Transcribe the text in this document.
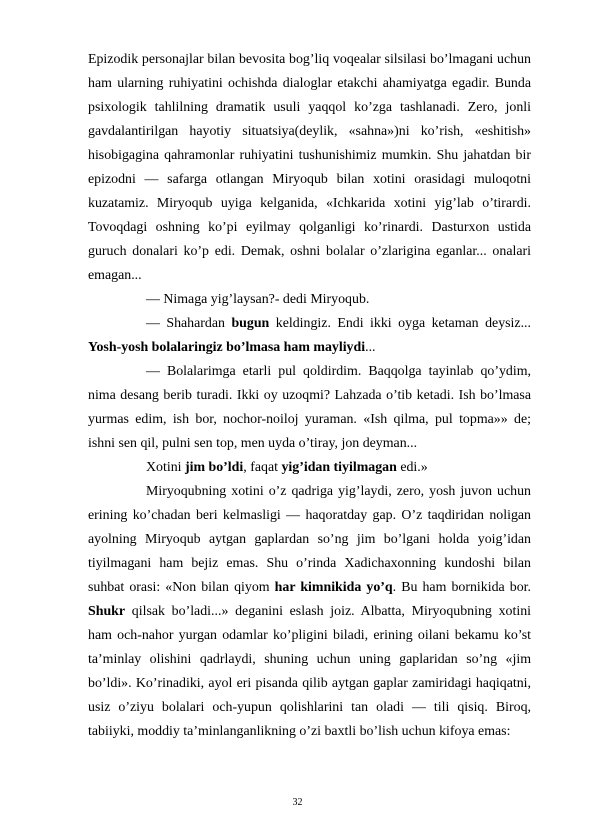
Epizodik personajlar bilan bevosita bog’liq voqealar silsilasi bo’lmagani uchun ham ularning ruhiyatini ochishda dialoglar etakchi ahamiyatga egadir. Bunda psixologik tahlilning dramatik usuli yaqqol ko’zga tashlanadi. Zero, jonli gavdalantirilgan hayotiy situatsiya(deylik, «sahna»)ni ko’rish, «eshitish» hisobigagina qahramonlar ruhiyatini tushunishimiz mumkin. Shu jahatdan bir epizodni — safarga otlangan Miryoqub bilan xotini orasidagi muloqotni kuzatamiz. Miryoqub uyiga kelganida, «Ichkarida xotini yig’lab o’tirardi. Tovoqdagi oshning ko’pi eyilmay qolganligi ko’rinardi. Dasturxon ustida guruch donalari ko’p edi. Demak, oshni bolalar o’zlarigina eganlar... onalari emagan...

— Nimaga yig’laysan?- dedi Miryoqub.

— Shahardan bugun keldingiz. Endi ikki oyga ketaman deysiz... Yosh-yosh bolalaringiz bo’lmasa ham mayliydi...

— Bolalarimga etarli pul qoldirdim. Baqqolga tayinlab qo’ydim, nima desang berib turadi. Ikki oy uzoqmi? Lahzada o’tib ketadi. Ish bo’lmasa yurmas edim, ish bor, nochor-noiloj yuraman. «Ish qilma, pul topma»» de; ishni sen qil, pulni sen top, men uyda o’tiray, jon deyman...

Xotini jim bo’ldi, faqat yig’idan tiyilmagan edi.»

Miryoqubning xotini o’z qadriga yig’laydi, zero, yosh juvon uchun erining ko’chadan beri kelmasligi — haqoratday gap. O’z taqdiridan noligan ayolning Miryoqub aytgan gaplardan so’ng jim bo’lgani holda yoig’idan tiyilmagani ham bejiz emas. Shu o’rinda Xadichaxonning kundoshi bilan suhbat orasi: «Non bilan qiyom har kimnikida yo’q. Bu ham bornikida bor. Shukr qilsak bo’ladi...» deganini eslash joiz. Albatta, Miryoqubning xotini ham och-nahor yurgan odamlar ko’pligini biladi, erining oilani bekamu ko’st ta’minlay olishini qadrlaydi, shuning uchun uning gaplaridan so’ng «jim bo’ldi». Ko’rinadiki, ayol eri pisanda qilib aytgan gaplar zamiridagi haqiqatni, usiz o’ziyu bolalari och-yupun qolishlarini tan oladi — tili qisiq. Biroq, tabiiyki, moddiy ta’minlanganlikning o’zi baxtli bo’lish uchun kifoya emas:

32
